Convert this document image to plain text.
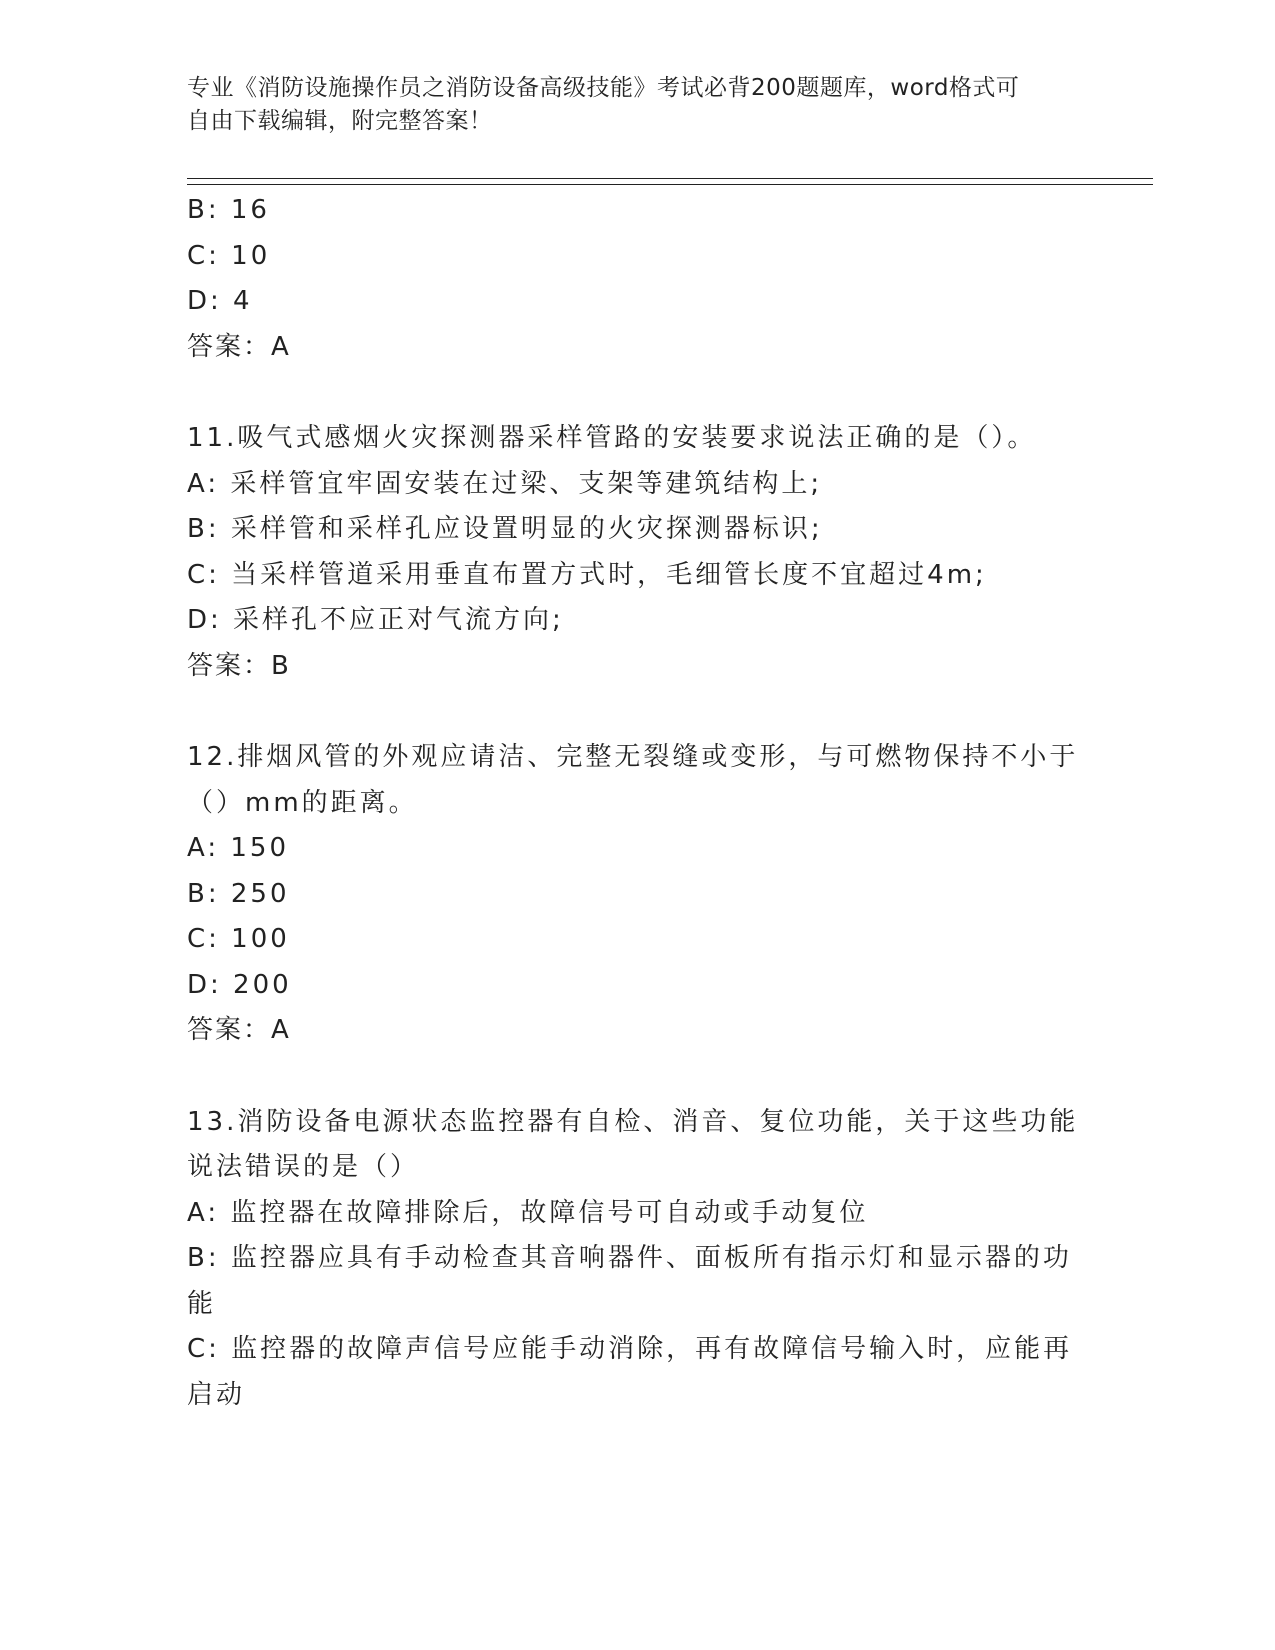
专业《消防设施操作员之消防设备高级技能》考试必背200题题库，word格式可
自由下载编辑，附完整答案！
B: 16
C: 10
D: 4
答案：A
11.吸气式感烟火灾探测器采样管路的安装要求说法正确的是（）。
A: 采样管宜牢固安装在过梁、支架等建筑结构上;
B: 采样管和采样孔应设置明显的火灾探测器标识;
C: 当采样管道采用垂直布置方式时，毛细管长度不宜超过4m;
D: 采样孔不应正对气流方向;
答案：B
12.排烟风管的外观应请洁、完整无裂缝或变形，与可燃物保持不小于
（）mm的距离。
A: 150
B: 250
C: 100
D: 200
答案：A
13.消防设备电源状态监控器有自检、消音、复位功能，关于这些功能
说法错误的是（）
A: 监控器在故障排除后，故障信号可自动或手动复位
B: 监控器应具有手动检查其音响器件、面板所有指示灯和显示器的功
能
C: 监控器的故障声信号应能手动消除，再有故障信号输入时，应能再
启动
